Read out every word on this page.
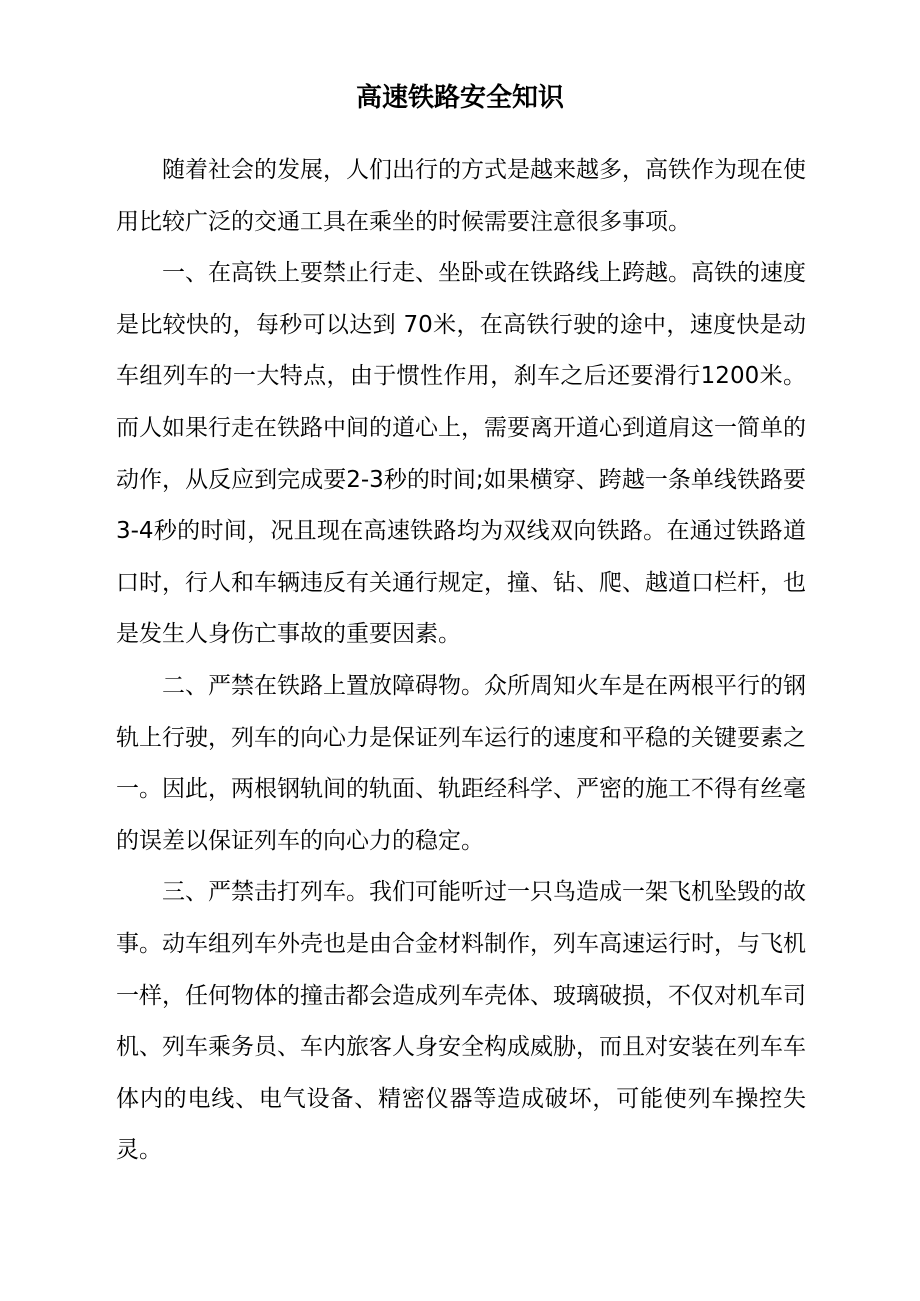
高速铁路安全知识

随着社会的发展，人们出行的方式是越来越多，高铁作为现在使用比较广泛的交通工具在乘坐的时候需要注意很多事项。

一、在高铁上要禁止行走、坐卧或在铁路线上跨越。高铁的速度是比较快的，每秒可以达到 70米，在高铁行驶的途中，速度快是动车组列车的一大特点，由于惯性作用，刹车之后还要滑行1200米。而人如果行走在铁路中间的道心上，需要离开道心到道肩这一简单的动作，从反应到完成要2-3秒的时间;如果横穿、跨越一条单线铁路要3-4秒的时间，况且现在高速铁路均为双线双向铁路。在通过铁路道口时，行人和车辆违反有关通行规定，撞、钻、爬、越道口栏杆，也是发生人身伤亡事故的重要因素。

二、严禁在铁路上置放障碍物。众所周知火车是在两根平行的钢轨上行驶，列车的向心力是保证列车运行的速度和平稳的关键要素之一。因此，两根钢轨间的轨面、轨距经科学、严密的施工不得有丝毫的误差以保证列车的向心力的稳定。

三、严禁击打列车。我们可能听过一只鸟造成一架飞机坠毁的故事。动车组列车外壳也是由合金材料制作，列车高速运行时，与飞机一样，任何物体的撞击都会造成列车壳体、玻璃破损，不仅对机车司机、列车乘务员、车内旅客人身安全构成威胁，而且对安装在列车车体内的电线、电气设备、精密仪器等造成破坏，可能使列车操控失灵。
